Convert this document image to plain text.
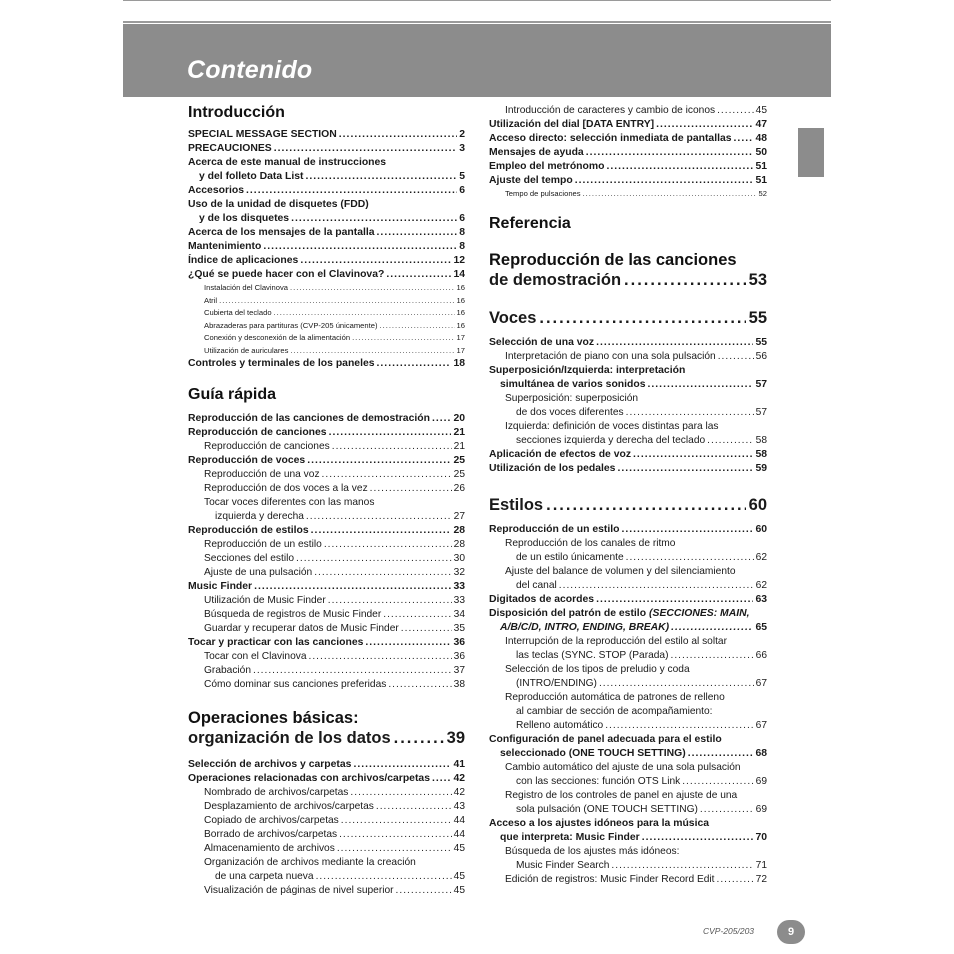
Contenido
Introducción
SPECIAL MESSAGE SECTION .....	2
PRECAUCIONES .....	3
Acerca de este manual de instrucciones
y del folleto Data List .....	5
Accesorios .....	6
Uso de la unidad de disquetes (FDD)
y de los disquetes .....	6
Acerca de los mensajes de la pantalla .....	8
Mantenimiento .....	8
Índice de aplicaciones .....	12
¿Qué se puede hacer con el Clavinova? .....	14
Instalación del Clavinova .....	16
Atril .....	16
Cubierta del teclado .....	16
Abrazaderas para partituras (CVP-205 únicamente) .....	16
Conexión y desconexión de la alimentación .....	17
Utilización de auriculares .....	17
Controles y terminales de los paneles .....	18
Guía rápida
Reproducción de las canciones de demostración ..... 20
Reproducción de canciones .....	21
Reproducción de canciones .....	21
Reproducción de voces .....	25
Reproducción de una voz .....	25
Reproducción de dos voces a la vez .....	26
Tocar voces diferentes con las manos
izquierda y derecha .....	27
Reproducción de estilos .....	28
Reproducción de un estilo .....	28
Secciones del estilo .....	30
Ajuste de una pulsación .....	32
Music Finder .....	33
Utilización de Music Finder .....	33
Búsqueda de registros de Music Finder .....	34
Guardar y recuperar datos de Music Finder .....	35
Tocar y practicar con las canciones .....	36
Tocar con el Clavinova .....	36
Grabación .....	37
Cómo dominar sus canciones preferidas .....	38
Operaciones básicas:
organización de los datos .....	39
Selección de archivos y carpetas .....	41
Operaciones relacionadas con archivos/carpetas ..... 42
Nombrado de archivos/carpetas .....	42
Desplazamiento de archivos/carpetas .....	43
Copiado de archivos/carpetas .....	44
Borrado de archivos/carpetas .....	44
Almacenamiento de archivos .....	45
Organización de archivos mediante la creación
de una carpeta nueva .....	45
Visualización de páginas de nivel superior .....	45
Introducción de caracteres y cambio de iconos .....	45
Utilización del dial [DATA ENTRY] .....	47
Acceso directo: selección inmediata de pantallas ..... 48
Mensajes de ayuda .....	50
Empleo del metrónomo .....	51
Ajuste del tempo .....	51
Tempo de pulsaciones .....	52
Referencia
Reproducción de las canciones
de demostración .....	53
Voces .....	55
Selección de una voz .....	55
Interpretación de piano con una sola pulsación .....	56
Superposición/Izquierda: interpretación
simultánea de varios sonidos .....	57
Superposición: superposición
de dos voces diferentes .....	57
Izquierda: definición de voces distintas para las
secciones izquierda y derecha del teclado .....	58
Aplicación de efectos de voz .....	58
Utilización de los pedales .....	59
Estilos .....	60
Reproducción de un estilo .....	60
Reproducción de los canales de ritmo
de un estilo únicamente .....	62
Ajuste del balance de volumen y del silenciamiento
del canal .....	62
Digitados de acordes .....	63
Disposición del patrón de estilo (SECCIONES: MAIN,
A/B/C/D, INTRO, ENDING, BREAK) .....	65
Interrupción de la reproducción del estilo al soltar
las teclas (SYNC. STOP (Parada) .....	66
Selección de los tipos de preludio y coda
(INTRO/ENDING) .....	67
Reproducción automática de patrones de relleno
al cambiar de sección de acompañamiento:
Relleno automático .....	67
Configuración de panel adecuada para el estilo
seleccionado (ONE TOUCH SETTING) .....	68
Cambio automático del ajuste de una sola pulsación
con las secciones: función OTS Link .....	69
Registro de los controles de panel en ajuste de una
sola pulsación (ONE TOUCH SETTING) .....	69
Acceso a los ajustes idóneos para la música
que interpreta: Music Finder .....	70
Búsqueda de los ajustes más idóneos:
Music Finder Search .....	71
Edición de registros: Music Finder Record Edit .....	72
CVP-205/203	9
